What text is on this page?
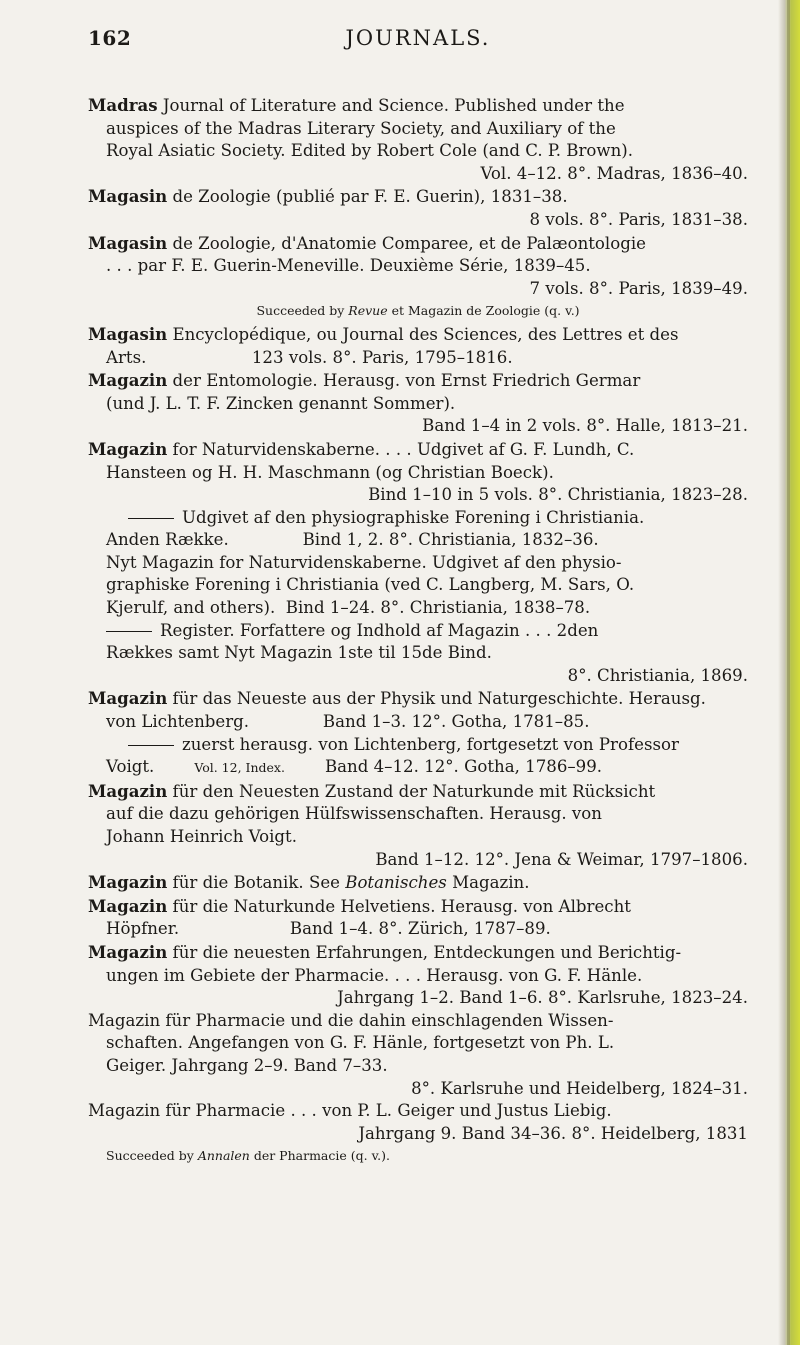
162	JOURNALS.
Madras Journal of Literature and Science. Published under the
auspices of the Madras Literary Society, and Auxiliary of the
Royal Asiatic Society. Edited by Robert Cole (and C. P. Brown).
Vol. 4–12. 8°. Madras, 1836–40.
Magasin de Zoologie (publié par F. E. Guerin), 1831–38.
8 vols. 8°. Paris, 1831–38.
Magasin de Zoologie, d'Anatomie Comparee, et de Palæontologie
. . . par F. E. Guerin-Meneville. Deuxième Série, 1839–45.
7 vols. 8°. Paris, 1839–49.
Succeeded by Revue et Magazin de Zoologie (q. v.)
Magasin Encyclopédique, ou Journal des Sciences, des Lettres et des
Arts.                    123 vols. 8°. Paris, 1795–1816.
Magazin der Entomologie. Herausg. von Ernst Friedrich Germar
(und J. L. T. F. Zincken genannt Sommer).
Band 1–4 in 2 vols. 8°. Halle, 1813–21.
Magazin for Naturvidenskaberne. . . . Udgivet af G. F. Lundh, C.
Hansteen og H. H. Maschmann (og Christian Boeck).
Bind 1–10 in 5 vols. 8°. Christiania, 1823–28.
Udgivet af den physiographiske Forening i Christiania.
Anden Række.              Bind 1, 2. 8°. Christiania, 1832–36.
Nyt Magazin for Naturvidenskaberne. Udgivet af den physio-
graphiske Forening i Christiania (ved C. Langberg, M. Sars, O.
Kjerulf, and others).  Bind 1–24. 8°. Christiania, 1838–78.
Register. Forfattere og Indhold af Magazin . . . 2den
Rækkes samt Nyt Magazin 1ste til 15de Bind.
8°. Christiania, 1869.
Magazin für das Neueste aus der Physik und Naturgeschichte. Herausg.
von Lichtenberg.              Band 1–3. 12°. Gotha, 1781–85.
zuerst herausg. von Lichtenberg, fortgesetzt von Professor
Voigt.	Vol. 12, Index. Band 4–12. 12°. Gotha, 1786–99.
Magazin für den Neuesten Zustand der Naturkunde mit Rücksicht
auf die dazu gehörigen Hülfswissenschaften. Herausg. von
Johann Heinrich Voigt.
Band 1–12. 12°. Jena & Weimar, 1797–1806.
Magazin für die Botanik. See Botanisches Magazin.
Magazin für die Naturkunde Helvetiens. Herausg. von Albrecht
Höpfner.                     Band 1–4. 8°. Zürich, 1787–89.
Magazin für die neuesten Erfahrungen, Entdeckungen und Berichtig-
ungen im Gebiete der Pharmacie. . . . Herausg. von G. F. Hänle.
Jahrgang 1–2. Band 1–6. 8°. Karlsruhe, 1823–24.
Magazin für Pharmacie und die dahin einschlagenden Wissen-
schaften. Angefangen von G. F. Hänle, fortgesetzt von Ph. L.
Geiger. Jahrgang 2–9. Band 7–33.
8°. Karlsruhe und Heidelberg, 1824–31.
Magazin für Pharmacie . . . von P. L. Geiger und Justus Liebig.
Jahrgang 9. Band 34–36. 8°. Heidelberg, 1831
Succeeded by Annalen der Pharmacie (q. v.).
